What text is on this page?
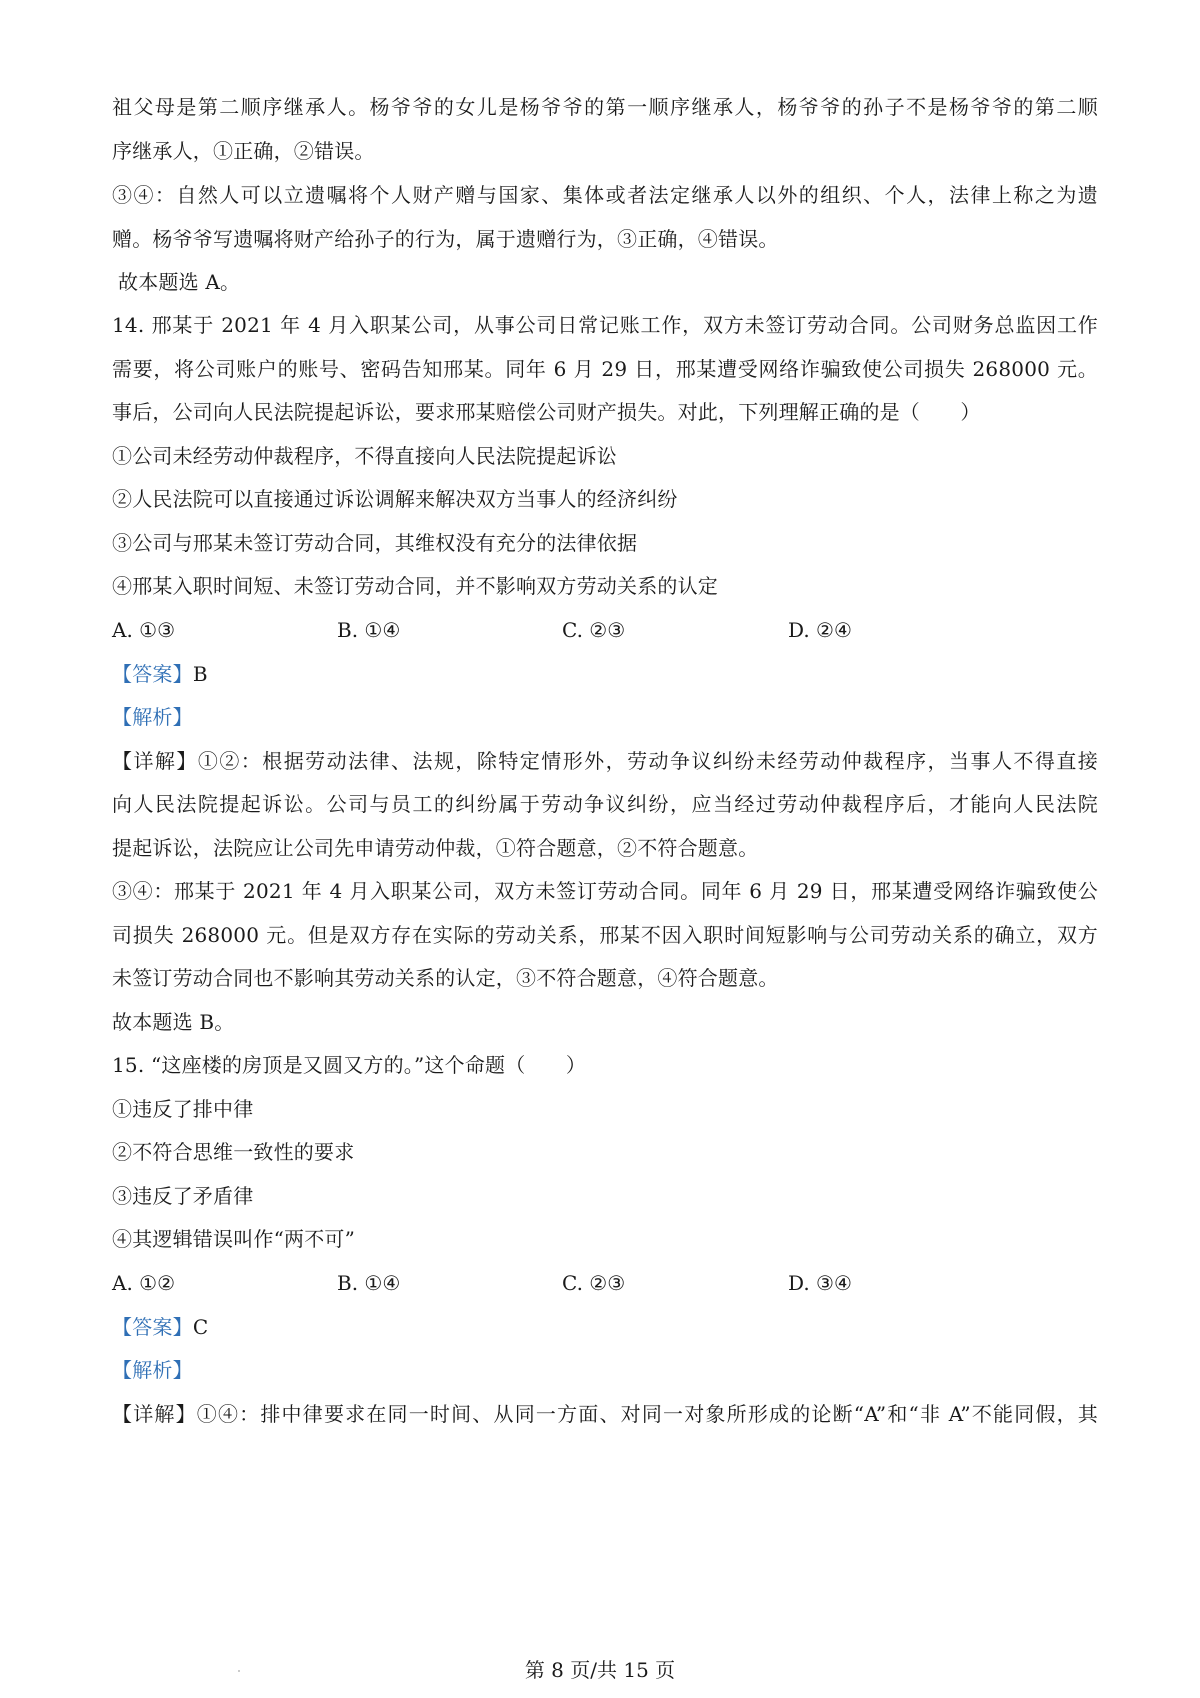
祖父母是第二顺序继承人。杨爷爷的女儿是杨爷爷的第一顺序继承人，杨爷爷的孙子不是杨爷爷的第二顺
序继承人，①正确，②错误。
③④：自然人可以立遗嘱将个人财产赠与国家、集体或者法定继承人以外的组织、个人，法律上称之为遗
赠。杨爷爷写遗嘱将财产给孙子的行为，属于遗赠行为，③正确，④错误。
故本题选 A。
14. 邢某于 2021 年 4 月入职某公司，从事公司日常记账工作，双方未签订劳动合同。公司财务总监因工作
需要，将公司账户的账号、密码告知邢某。同年 6 月 29 日，邢某遭受网络诈骗致使公司损失 268000 元。
事后，公司向人民法院提起诉讼，要求邢某赔偿公司财产损失。对此，下列理解正确的是（　　）
①公司未经劳动仲裁程序，不得直接向人民法院提起诉讼
②人民法院可以直接通过诉讼调解来解决双方当事人的经济纠纷
③公司与邢某未签订劳动合同，其维权没有充分的法律依据
④邢某入职时间短、未签订劳动合同，并不影响双方劳动关系的认定
A. ①③	B. ①④	C. ②③	D. ②④
【答案】B
【解析】
【详解】①②：根据劳动法律、法规，除特定情形外，劳动争议纠纷未经劳动仲裁程序，当事人不得直接
向人民法院提起诉讼。公司与员工的纠纷属于劳动争议纠纷，应当经过劳动仲裁程序后，才能向人民法院
提起诉讼，法院应让公司先申请劳动仲裁，①符合题意，②不符合题意。
③④：邢某于 2021 年 4 月入职某公司，双方未签订劳动合同。同年 6 月 29 日，邢某遭受网络诈骗致使公
司损失 268000 元。但是双方存在实际的劳动关系，邢某不因入职时间短影响与公司劳动关系的确立，双方
未签订劳动合同也不影响其劳动关系的认定，③不符合题意，④符合题意。
故本题选 B。
15. “这座楼的房顶是又圆又方的。”这个命题（　　）
①违反了排中律
②不符合思维一致性的要求
③违反了矛盾律
④其逻辑错误叫作“两不可”
A. ①②	B. ①④	C. ②③	D. ③④
【答案】C
【解析】
【详解】①④：排中律要求在同一时间、从同一方面、对同一对象所形成的论断“A”和“非 A”不能同假，其
第 8 页/共 15 页
